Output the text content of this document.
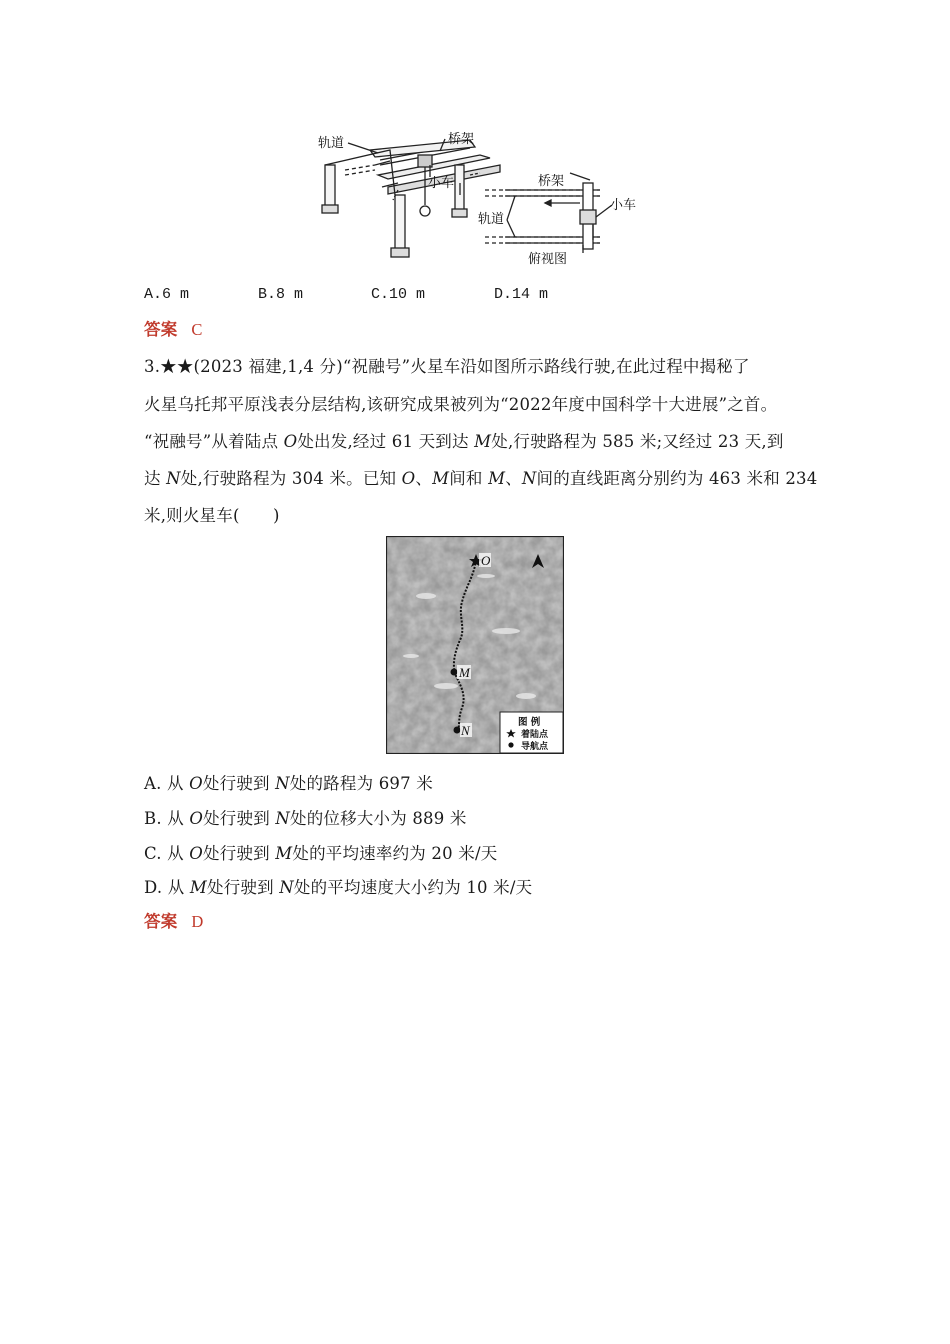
轨道	桥架
小车	桥架
小车
轨道
俯视图
A.6 m	B.8 m	C.10 m	D.14 m
答案 C
3.★★(2023 福建,1,4 分)“祝融号”火星车沿如图所示路线行驶,在此过程中揭秘了
火星乌托邦平原浅表分层结构,该研究成果被列为“2022年度中国科学十大进展”之首。
“祝融号”从着陆点 O处出发,经过 61 天到达 M处,行驶路程为 585 米;又经过 23 天,到
达 N处,行驶路程为 304 米。已知 O、M间和 M、N间的直线距离分别约为 463 米和 234
米,则火星车(　　)
O
M
N
图 例
着陆点
导航点
A. 从 O处行驶到 N处的路程为 697 米
B. 从 O处行驶到 N处的位移大小为 889 米
C. 从 O处行驶到 M处的平均速率约为 20 米/天
D. 从 M处行驶到 N处的平均速度大小约为 10 米/天
答案 D
